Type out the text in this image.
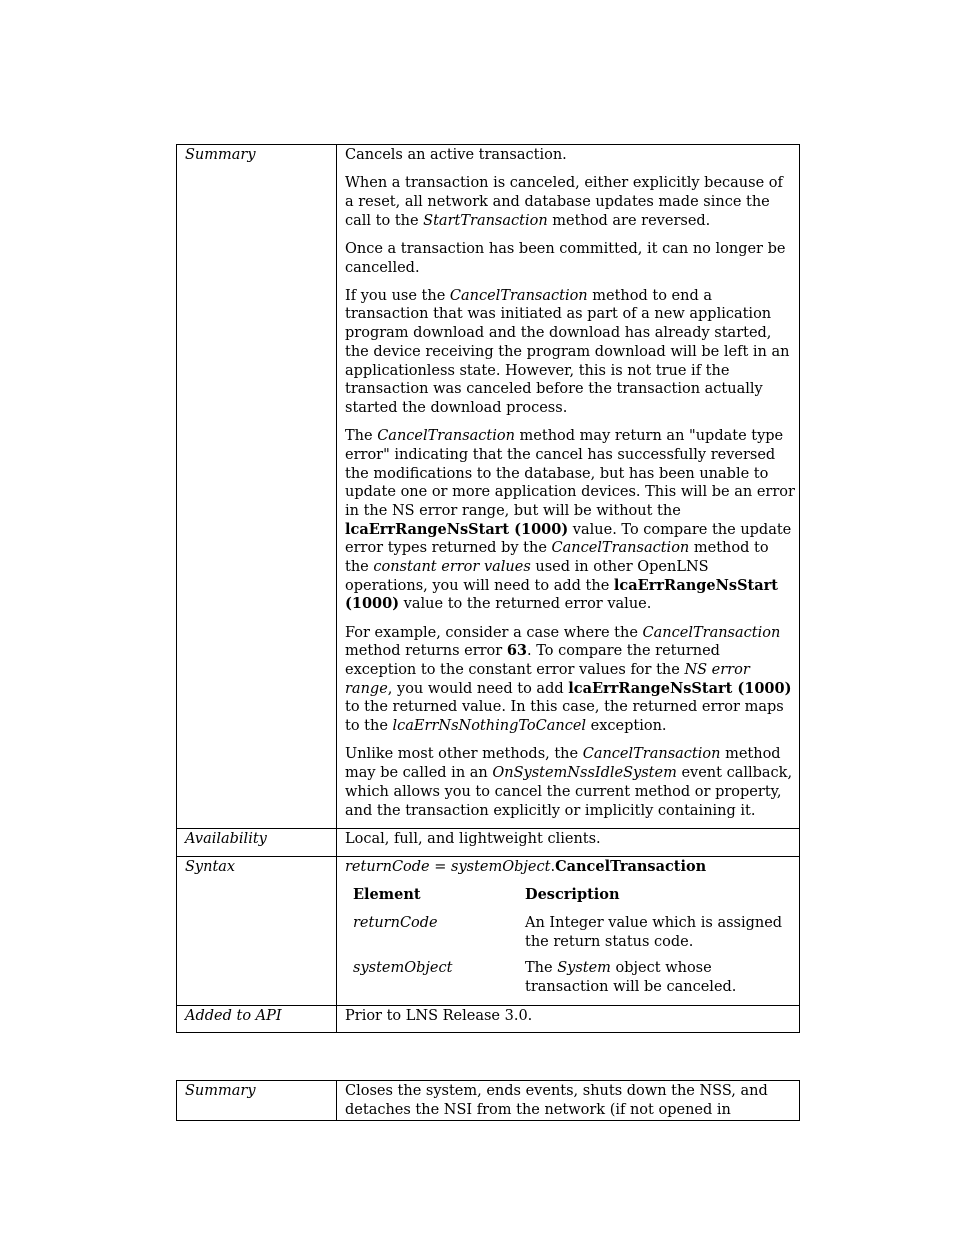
Summary	Cancels an active transaction.

When a transaction is canceled, either explicitly because of a reset, all network and database updates made since the call to the StartTransaction method are reversed.

Once a transaction has been committed, it can no longer be cancelled.

If you use the CancelTransaction method to end a transaction that was initiated as part of a new application program download and the download has already started, the device receiving the program download will be left in an applicationless state. However, this is not true if the transaction was canceled before the transaction actually started the download process.

The CancelTransaction method may return an "update type error" indicating that the cancel has successfully reversed the modifications to the database, but has been unable to update one or more application devices. This will be an error in the NS error range, but will be without the lcaErrRangeNsStart (1000) value. To compare the update error types returned by the CancelTransaction method to the constant error values used in other OpenLNS operations, you will need to add the lcaErrRangeNsStart (1000) value to the returned error value.

For example, consider a case where the CancelTransaction method returns error 63. To compare the returned exception to the constant error values for the NS error range, you would need to add lcaErrRangeNsStart (1000) to the returned value. In this case, the returned error maps to the lcaErrNsNothingToCancel exception.

Unlike most other methods, the CancelTransaction method may be called in an OnSystemNssIdleSystem event callback, which allows you to cancel the current method or property, and the transaction explicitly or implicitly containing it.

Availability	Local, full, and lightweight clients.
Syntax	returnCode = systemObject.CancelTransaction

Element	Description
returnCode	An Integer value which is assigned the return status code.
systemObject	The System object whose transaction will be canceled.

Added to API	Prior to LNS Release 3.0.
Summary	Closes the system, ends events, shuts down the NSS, and detaches the NSI from the network (if not opened in
